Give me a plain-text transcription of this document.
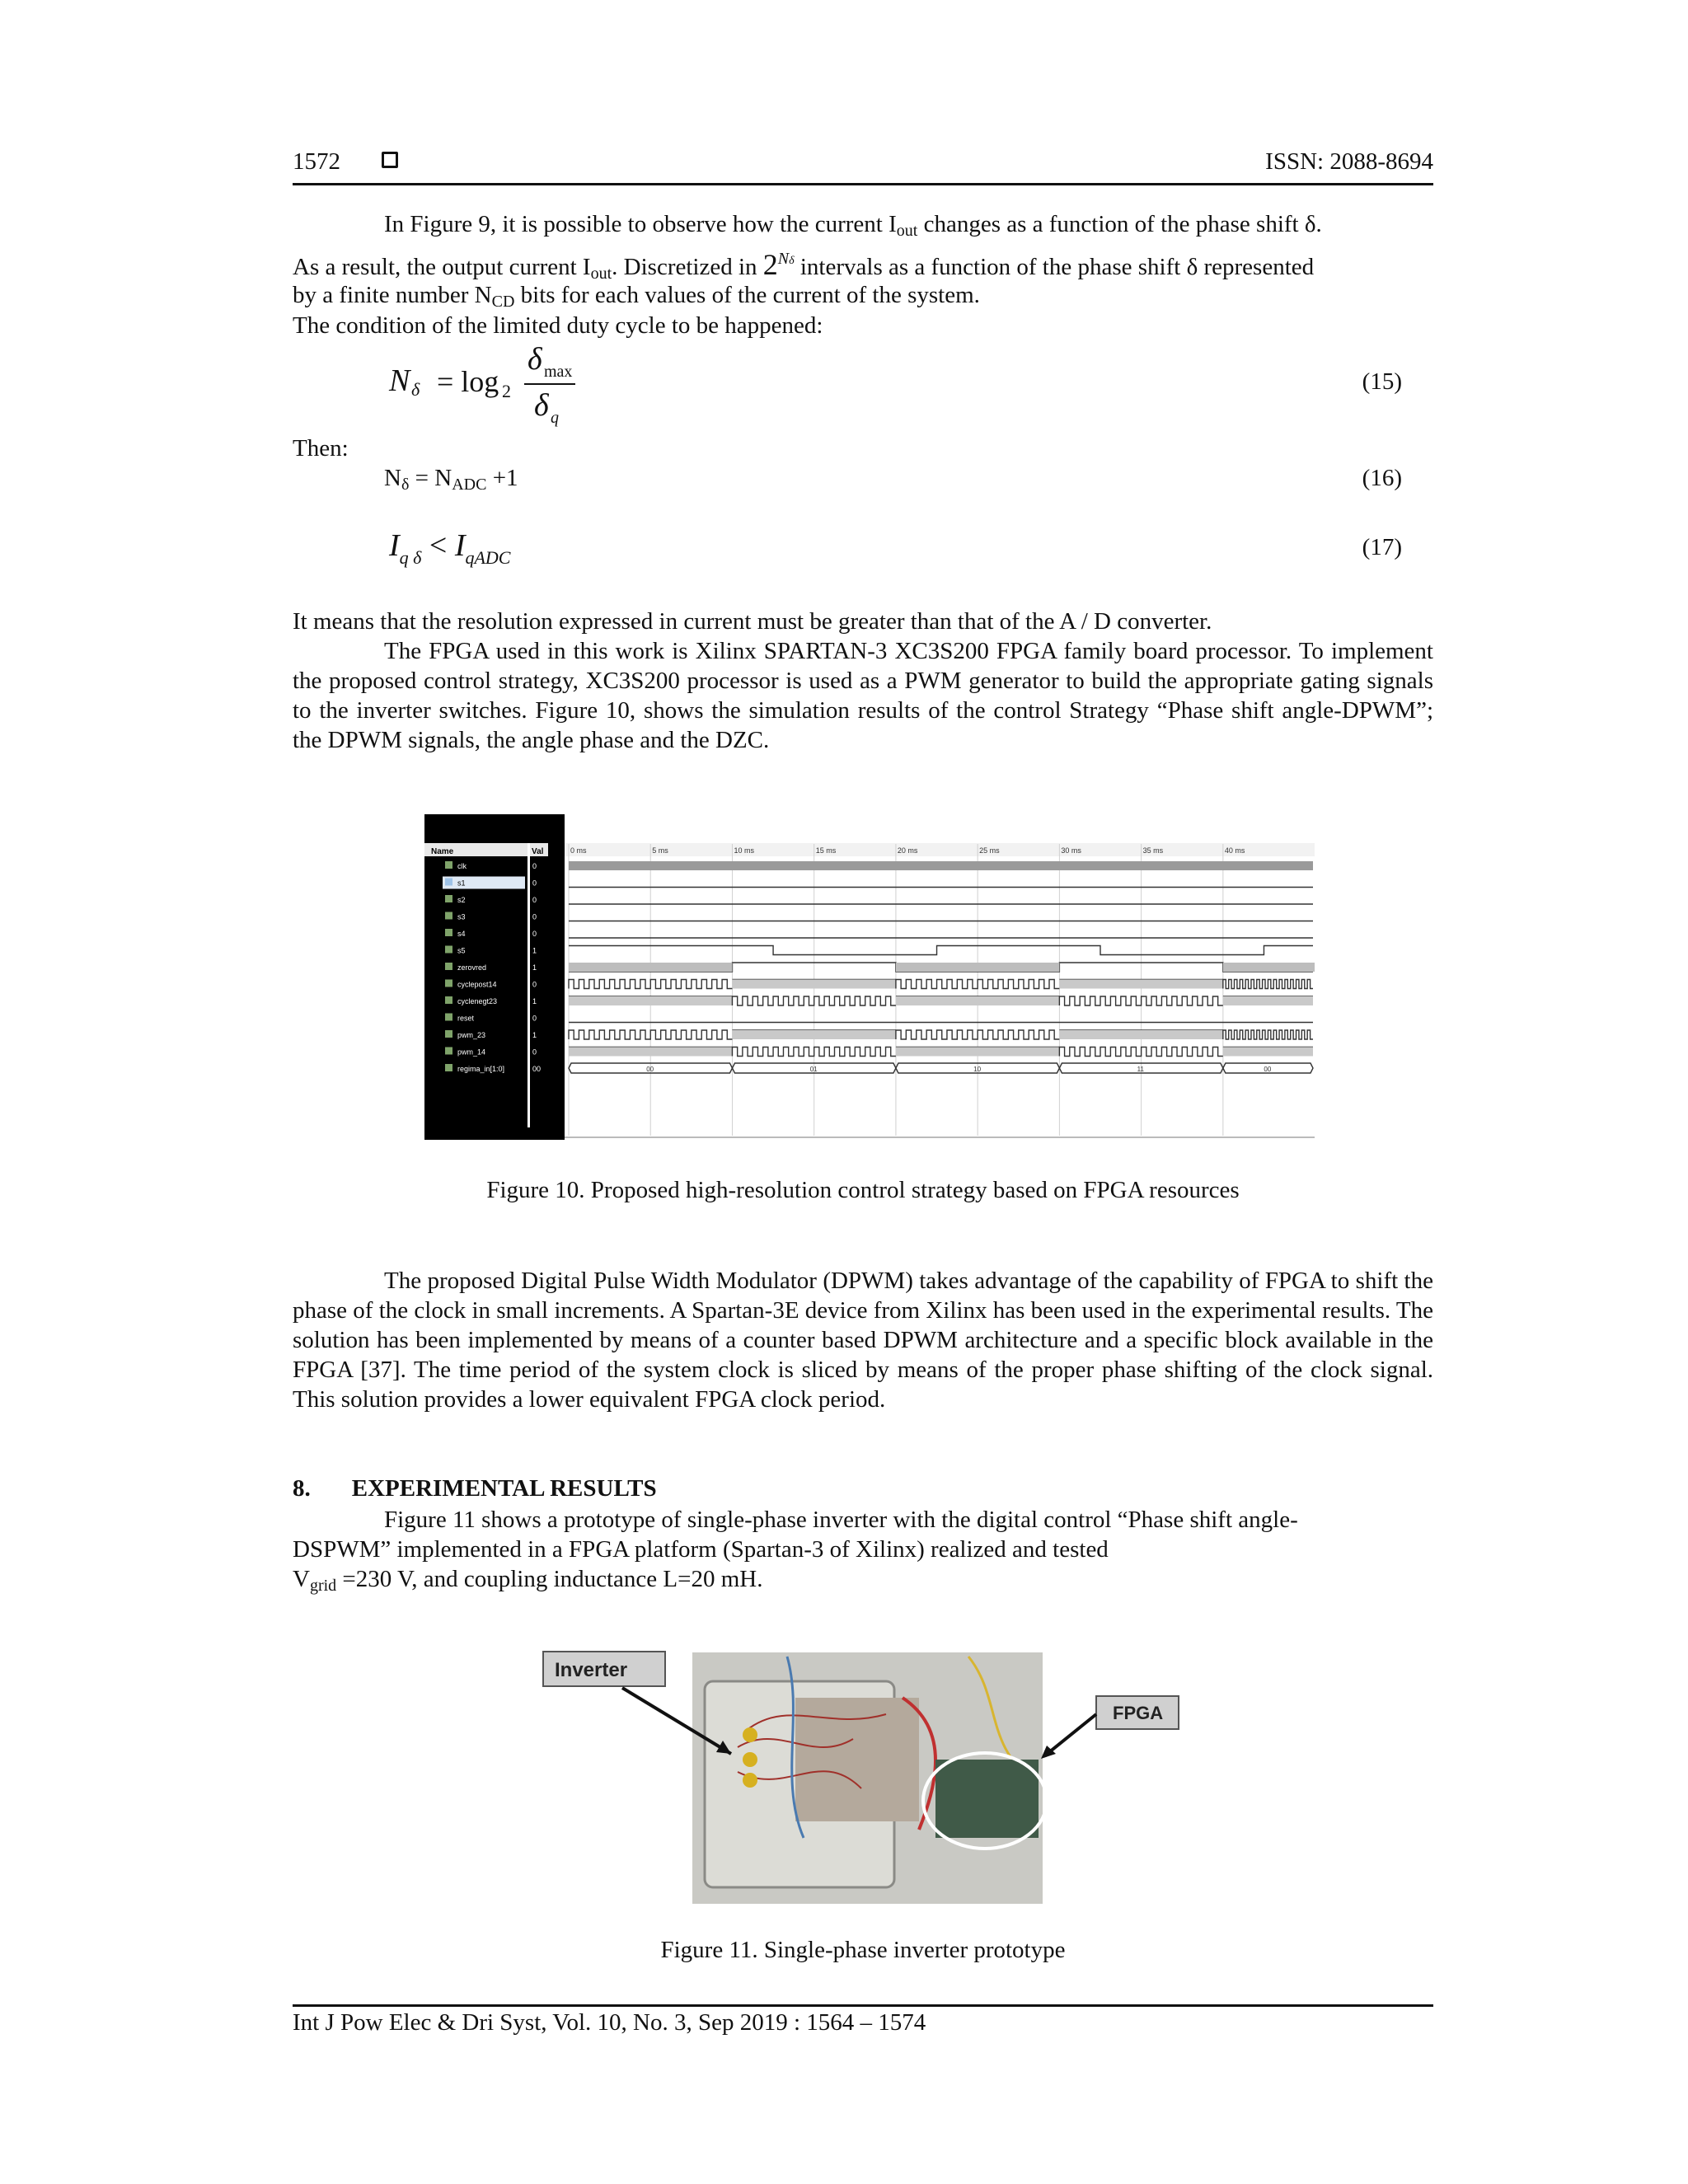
1572	ISSN: 2088-8694
In Figure 9, it is possible to observe how the current $I_{out}$ changes as a function of the phase shift δ.
As a result, the output current $I_{out}$. Discretized in $2^{N\delta}$ intervals as a function of the phase shift δ represented
by a finite number $N_{CD}$ bits for each values of the current of the system.
The condition of the limited duty cycle to be happened:
N δ = log 2
δ max
δ q
(15)
Then:
$N_\delta = N_{ADC} +1$	(16)
$I_{q \delta} < I_{qADC}$	(17)
It means that the resolution expressed in current must be greater than that of the A / D converter.
The FPGA used in this work is Xilinx SPARTAN-3 XC3S200 FPGA family board processor. To implement the proposed control strategy, XC3S200 processor is used as a PWM generator to build the appropriate gating signals to the inverter switches. Figure 10, shows the simulation results of the control Strategy “Phase shift angle-DPWM”; the DPWM signals, the angle phase and the DZC.
Name	Val	0 ms	5 ms	10 ms	15 ms	20 ms	25 ms	30 ms	35 ms	40 ms
clk	0
s1	0
s2	0
s3	0
s4	0
s5	1
zerovred	1
cyclepost14	0
cyclenegt23	1
reset	0
pwm_23	1
pwm_14	0
regima_in[1:0]	00	00	01	10	11	00
Figure 10. Proposed high-resolution control strategy based on FPGA resources
The proposed Digital Pulse Width Modulator (DPWM) takes advantage of the capability of FPGA to shift the phase of the clock in small increments. A Spartan-3E device from Xilinx has been used in the experimental results. The solution has been implemented by means of a counter based DPWM architecture and a specific block available in the FPGA [37]. The time period of the system clock is sliced by means of the proper phase shifting of the clock signal. This solution provides a lower equivalent FPGA clock period.
8. EXPERIMENTAL RESULTS
Figure 11 shows a prototype of single-phase inverter with the digital control “Phase shift angle-
DSPWM” implemented in a FPGA platform (Spartan-3 of Xilinx) realized and tested
$V_{grid} =230$ V, and coupling inductance L=20 mH.
Inverter
FPGA
Figure 11. Single-phase inverter prototype
Int J Pow Elec & Dri Syst, Vol. 10, No. 3, Sep 2019 : 1564 – 1574
